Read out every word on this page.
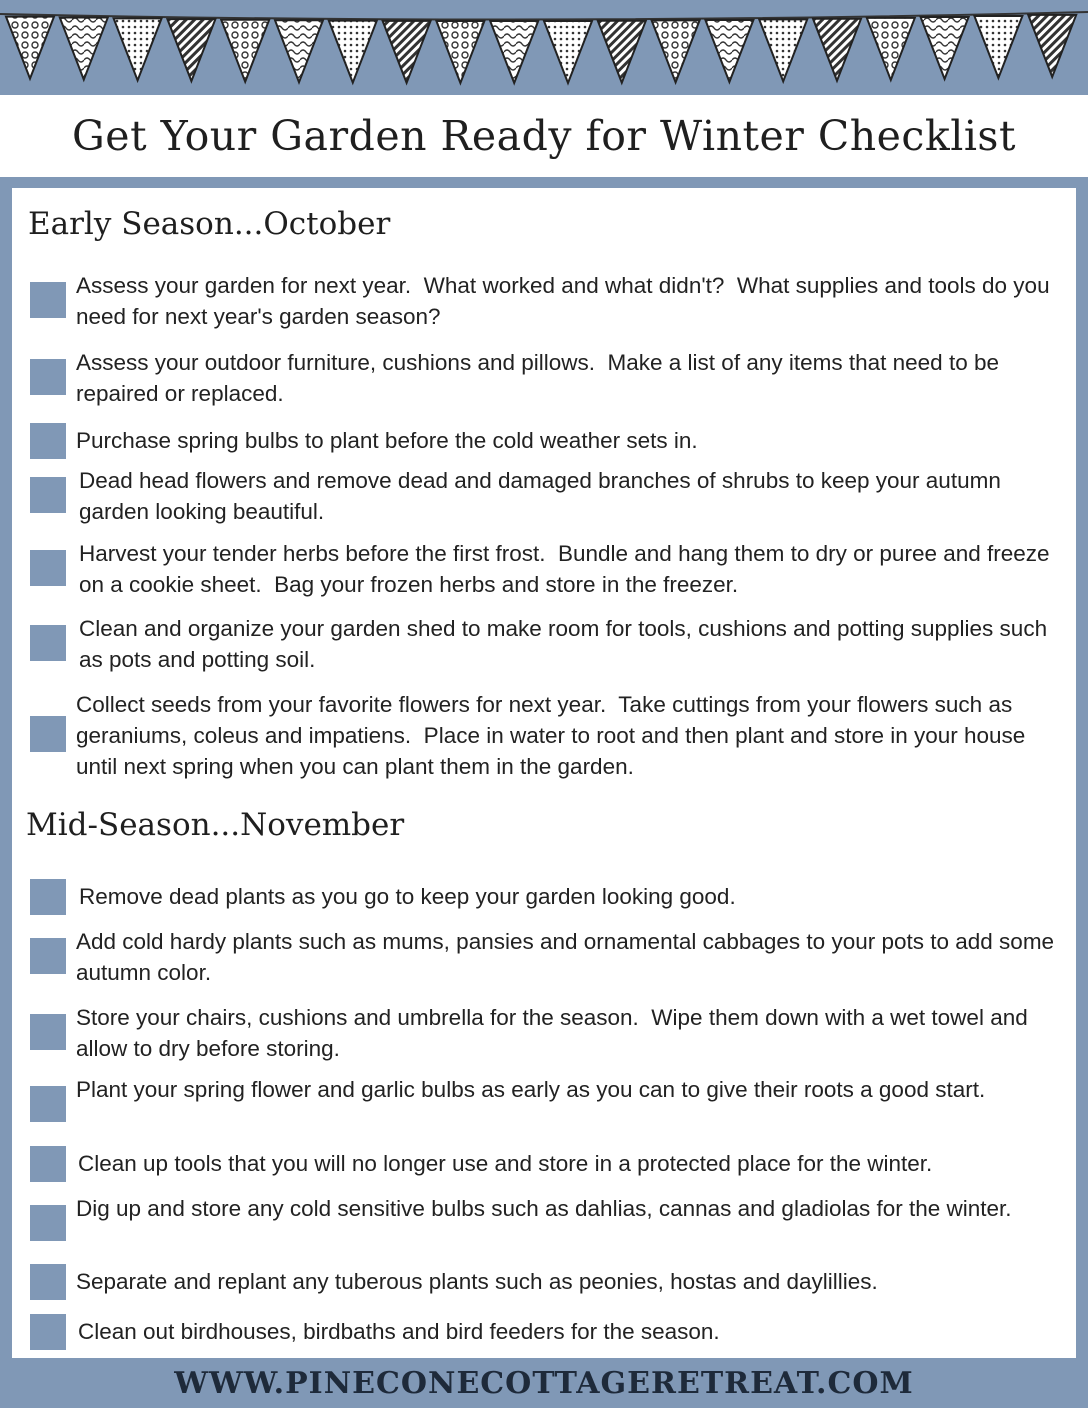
Get Your Garden Ready for Winter Checklist
Early Season...October

Assess your garden for next year.  What worked and what didn't?  What supplies and tools do you need for next year's garden season?

Assess your outdoor furniture, cushions and pillows.  Make a list of any items that need to be repaired or replaced.

Purchase spring bulbs to plant before the cold weather sets in.

Dead head flowers and remove dead and damaged branches of shrubs to keep your autumn garden looking beautiful.

Harvest your tender herbs before the first frost.  Bundle and hang them to dry or puree and freeze on a cookie sheet.  Bag your frozen herbs and store in the freezer.

Clean and organize your garden shed to make room for tools, cushions and potting supplies such as pots and potting soil.

Collect seeds from your favorite flowers for next year.  Take cuttings from your flowers such as geraniums, coleus and impatiens.  Place in water to root and then plant and store in your house until next spring when you can plant them in the garden.

Mid-Season...November

Remove dead plants as you go to keep your garden looking good.

Add cold hardy plants such as mums, pansies and ornamental cabbages to your pots to add some autumn color.

Store your chairs, cushions and umbrella for the season.  Wipe them down with a wet towel and allow to dry before storing.

Plant your spring flower and garlic bulbs as early as you can to give their roots a good start.

Clean up tools that you will no longer use and store in a protected place for the winter.

Dig up and store any cold sensitive bulbs such as dahlias, cannas and gladiolas for the winter.

Separate and replant any tuberous plants such as peonies, hostas and daylillies.

Clean out birdhouses, birdbaths and bird feeders for the season.

WWW.PINECONECOTTAGERETREAT.COM
